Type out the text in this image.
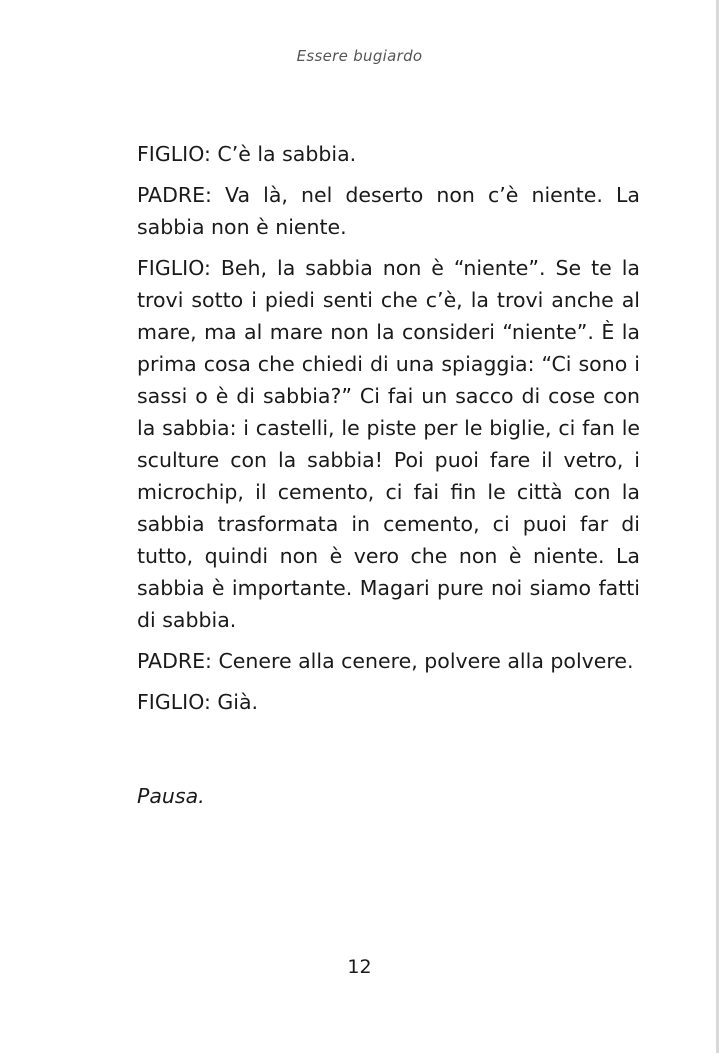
Essere bugiardo

FIGLIO: C’è la sabbia.

PADRE: Va là, nel deserto non c’è niente. La sabbia non è niente.

FIGLIO: Beh, la sabbia non è “niente”. Se te la trovi sotto i piedi senti che c’è, la trovi anche al mare, ma al mare non la consideri “niente”. È la prima cosa che chiedi di una spiaggia: “Ci sono i sassi o è di sabbia?” Ci fai un sacco di cose con la sabbia: i castelli, le piste per le biglie, ci fan le sculture con la sabbia! Poi puoi fare il vetro, i microchip, il cemento, ci fai fin le città con la sabbia trasformata in cemento, ci puoi far di tutto, quindi non è vero che non è niente. La sabbia è importante. Magari pure noi siamo fatti di sabbia.

PADRE: Cenere alla cenere, polvere alla polvere.

FIGLIO: Già.

Pausa.
12
